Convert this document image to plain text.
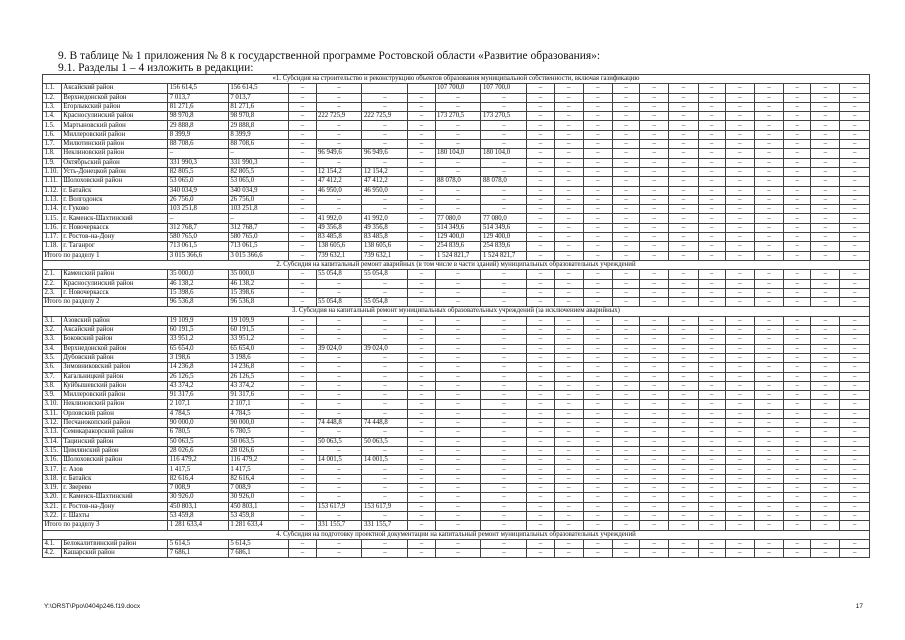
9. В таблице № 1 приложения № 8 к государственной программе Ростовской области «Развитие образования»:
9.1. Разделы 1 – 4 изложить в редакции:
«1. Субсидия на строительство и реконструкцию объектов образования муниципальной собственности, включая газификацию																					
1.1.	Аксайский район	156 614,5	156 614,5	–	–			107 700,0	107 700,0	–	–	–	–	–	–	–	–	–	–	–	–
1.2.	Верхнедонской район	7 013,7	7 013,7	–	–	–	–	–	–	–	–	–	–	–	–	–	–	–	–	–	–
1.3.	Егорлыкский район	81 271,6	81 271,6	–	–	–	–	–	–	–	–	–	–	–	–	–	–	–	–	–	–
1.4.	Красносулинский район	98 970,8	98 970,8	–	222 725,9	222 725,9	–	173 270,5	173 270,5	–	–	–	–	–	–	–	–	–	–	–	–
1.5.	Мартыновский район	29 888,8	29 888,8	–	–	–	–	–	–	–	–	–	–	–	–	–	–	–	–	–	–
1.6.	Миллеровский район	8 399,9	8 399,9	–	–	–	–	–	–	–	–	–	–	–	–	–	–	–	–	–	–
1.7.	Милютинский район	88 708,6	88 708,6	–	–	–	–	–	–	–	–	–	–	–	–	–	–	–	–	–	–
1.8.	Неклиновский район	–	–	–	96 949,6	96 949,6	–	180 104,0	180 104,0	–	–	–	–	–	–	–	–	–	–	–	–
1.9.	Октябрьский район	331 990,3	331 990,3	–	–	–	–	–	–	–	–	–	–	–	–	–	–	–	–	–	–
1.10.	Усть-Донецкой район	82 805,5	82 805,5	–	12 154,2	12 154,2	–	–	–	–	–	–	–	–	–	–	–	–	–	–	–
1.11.	Шолоховский район	53 065,0	53 065,0	–	47 412,2	47 412,2	–	88 078,0	88 078,0	–	–	–	–	–	–	–	–	–	–	–	–
1.12.	г. Батайск	340 034,9	340 034,9	–	46 950,0	46 950,0	–	–	–	–	–	–	–	–	–	–	–	–	–	–	–
1.13.	г. Волгодонск	26 756,0	26 756,0	–	–	–	–	–	–	–	–	–	–	–	–	–	–	–	–	–	–
1.14.	г. Гуково	103 251,8	103 251,8	–	–	–	–	–	–	–	–	–	–	–	–	–	–	–	–	–	–
1.15.	г. Каменск-Шахтинский	–	–	–	41 992,0	41 992,0	–	77 080,0	77 080,0	–	–	–	–	–	–	–	–	–	–	–	–
1.16.	г. Новочеркасск	312 768,7	312 768,7	–	49 356,8	49 356,8	–	514 349,6	514 349,6	–	–	–	–	–	–	–	–	–	–	–	–
1.17.	г. Ростов-на-Дону	580 765,0	580 765,0	–	83 485,8	83 485,8	–	129 400,0	129 400,0	–	–	–	–	–	–	–	–	–	–	–	–
1.18.	г. Таганрог	713 061,5	713 061,5	–	138 605,6	138 605,6	–	254 839,6	254 839,6	–	–	–	–	–	–	–	–	–	–	–	–
Итого по разделу 1		3 015 366,6	3 015 366,6	–	739 632,1	739 632,1	–	1 524 821,7	1 524 821,7	–	–	–	–	–	–	–	–	–	–	–	–
2. Субсидия на капитальный ремонт аварийных (в том числе в части зданий) муниципальных образовательных учреждений																					
2.1.	Каменский район	35 000,0	35 000,0	–	55 054,8	55 054,8	–	–	–	–	–	–	–	–	–	–	–	–	–	–	–
2.2.	Красносулинский район	46 138,2	46 138,2	–	–	–	–	–	–	–	–	–	–	–	–	–	–	–	–	–	–
2.3.	г. Новочеркасск	15 398,6	15 398,6	–	–	–	–	–	–	–	–	–	–	–	–	–	–	–	–	–	–
Итого по разделу 2		96 536,8	96 536,8	–	55 054,8	55 054,8	–	–	–	–	–	–	–	–	–	–	–	–	–	–	–
3. Субсидия на капитальный ремонт муниципальных образовательных учреждений (за исключением аварийных)																					
3.1.	Азовский район	19 109,9	19 109,9	–	–	–	–	–	–	–	–	–	–	–	–	–	–	–	–	–	–
3.2.	Аксайский район	60 191,5	60 191,5	–	–	–	–	–	–	–	–	–	–	–	–	–	–	–	–	–	–
3.3.	Боковский район	33 951,2	33 951,2	–	–	–	–	–	–	–	–	–	–	–	–	–	–	–	–	–	–
3.4.	Верхнедонской район	65 654,0	65 654,0	–	39 024,0	39 024,0	–	–	–	–	–	–	–	–	–	–	–	–	–	–	–
3.5.	Дубовский район	3 198,6	3 198,6	–	–	–	–	–	–	–	–	–	–	–	–	–	–	–	–	–	–
3.6.	Зимовниковский район	14 236,8	14 236,8	–	–	–	–	–	–	–	–	–	–	–	–	–	–	–	–	–	–
3.7.	Кагальницкий район	26 126,5	26 126,5	–	–	–	–	–	–	–	–	–	–	–	–	–	–	–	–	–	–
3.8.	Куйбышевский район	43 374,2	43 374,2	–	–	–	–	–	–	–	–	–	–	–	–	–	–	–	–	–	–
3.9.	Миллеровский район	91 317,6	91 317,6	–	–	–	–	–	–	–	–	–	–	–	–	–	–	–	–	–	–
3.10.	Неклиновский район	2 107,1	2 107,1	–	–	–	–	–	–	–	–	–	–	–	–	–	–	–	–	–	–
3.11.	Орловский район	4 784,5	4 784,5	–	–	–	–	–	–	–	–	–	–	–	–	–	–	–	–	–	–
3.12.	Песчанокопский район	90 000,0	90 000,0	–	74 448,8	74 448,8	–	–	–	–	–	–	–	–	–	–	–	–	–	–	–
3.13.	Семикаракорский район	6 780,5	6 780,5	–	–	–	–	–	–	–	–	–	–	–	–	–	–	–	–	–	–
3.14.	Тацинский район	50 063,5	50 063,5	–	50 063,5	50 063,5	–	–	–	–	–	–	–	–	–	–	–	–	–	–	–
3.15.	Цимлянский район	28 026,6	28 026,6	–	–	–	–	–	–	–	–	–	–	–	–	–	–	–	–	–	–
3.16.	Шолоховский район	116 479,2	116 479,2	–	14 001,5	14 001,5	–	–	–	–	–	–	–	–	–	–	–	–	–	–	–
3.17.	г. Азов	1 417,5	1 417,5	–	–	–	–	–	–	–	–	–	–	–	–	–	–	–	–	–	–
3.18.	г. Батайск	82 616,4	82 616,4	–	–	–	–	–	–	–	–	–	–	–	–	–	–	–	–	–	–
3.19.	г. Зверево	7 008,9	7 008,9	–	–	–	–	–	–	–	–	–	–	–	–	–	–	–	–	–	–
3.20.	г. Каменск-Шахтинский	30 926,0	30 926,0	–	–	–	–	–	–	–	–	–	–	–	–	–	–	–	–	–	–
3.21.	г. Ростов-на-Дону	450 803,1	450 803,1	–	153 617,9	153 617,9	–	–	–	–	–	–	–	–	–	–	–	–	–	–	–
3.22.	г. Шахты	53 459,8	53 459,8	–	–	–	–	–	–	–	–	–	–	–	–	–	–	–	–	–	–
Итого по разделу 3		1 281 633,4	1 281 633,4	–	331 155,7	331 155,7	–	–	–	–	–	–	–	–	–	–	–	–	–	–	–
4. Субсидия на подготовку проектной документации на капитальный ремонт муниципальных образовательных учреждений																					
4.1.	Белокалитвинский район	5 614,5	5 614,5	–	–	–	–	–	–	–	–	–	–	–	–	–	–	–	–	–	–
4.2.	Кашарский район	7 686,1	7 686,1	–	–	–	–	–	–	–	–	–	–	–	–	–	–	–	–	–	–
Y:\ORST\Ppo\0404p246.f19.docx	17
